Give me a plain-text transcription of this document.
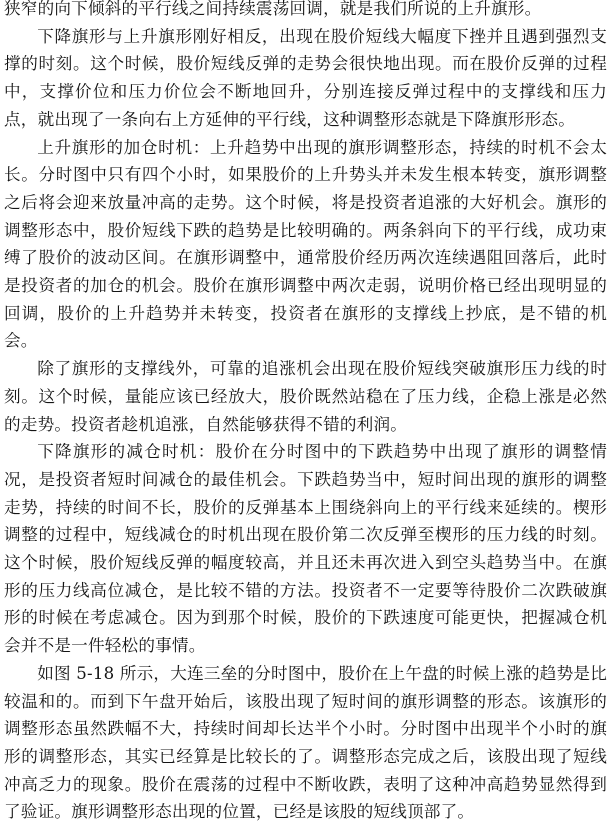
狭窄的向下倾斜的平行线之间持续震荡回调，就是我们所说的上升旗形。

下降旗形与上升旗形刚好相反，出现在股价短线大幅度下挫并且遇到强烈支撑的时刻。这个时候，股价短线反弹的走势会很快地出现。而在股价反弹的过程中，支撑价位和压力价位会不断地回升，分别连接反弹过程中的支撑线和压力点，就出现了一条向右上方延伸的平行线，这种调整形态就是下降旗形形态。

上升旗形的加仓时机：上升趋势中出现的旗形调整形态，持续的时机不会太长。分时图中只有四个小时，如果股价的上升势头并未发生根本转变，旗形调整之后将会迎来放量冲高的走势。这个时候，将是投资者追涨的大好机会。旗形的调整形态中，股价短线下跌的趋势是比较明确的。两条斜向下的平行线，成功束缚了股价的波动区间。在旗形调整中，通常股价经历两次连续遇阻回落后，此时是投资者的加仓的机会。股价在旗形调整中两次走弱，说明价格已经出现明显的回调，股价的上升趋势并未转变，投资者在旗形的支撑线上抄底，是不错的机会。

除了旗形的支撑线外，可靠的追涨机会出现在股价短线突破旗形压力线的时刻。这个时候，量能应该已经放大，股价既然站稳在了压力线，企稳上涨是必然的走势。投资者趁机追涨，自然能够获得不错的利润。

下降旗形的减仓时机：股价在分时图中的下跌趋势中出现了旗形的调整情况，是投资者短时间减仓的最佳机会。下跌趋势当中，短时间出现的旗形的调整走势，持续的时间不长，股价的反弹基本上围绕斜向上的平行线来延续的。楔形调整的过程中，短线减仓的时机出现在股价第二次反弹至楔形的压力线的时刻。这个时候，股价短线反弹的幅度较高，并且还未再次进入到空头趋势当中。在旗形的压力线高位减仓，是比较不错的方法。投资者不一定要等待股价二次跌破旗形的时候在考虑减仓。因为到那个时候，股价的下跌速度可能更快，把握减仓机会并不是一件轻松的事情。

如图 5-18 所示，大连三垒的分时图中，股价在上午盘的时候上涨的趋势是比较温和的。而到下午盘开始后，该股出现了短时间的旗形调整的形态。该旗形的调整形态虽然跌幅不大，持续时间却长达半个小时。分时图中出现半个小时的旗形的调整形态，其实已经算是比较长的了。调整形态完成之后，该股出现了短线冲高乏力的现象。股价在震荡的过程中不断收跌，表明了这种冲高趋势显然得到了验证。旗形调整形态出现的位置，已经是该股的短线顶部了。
